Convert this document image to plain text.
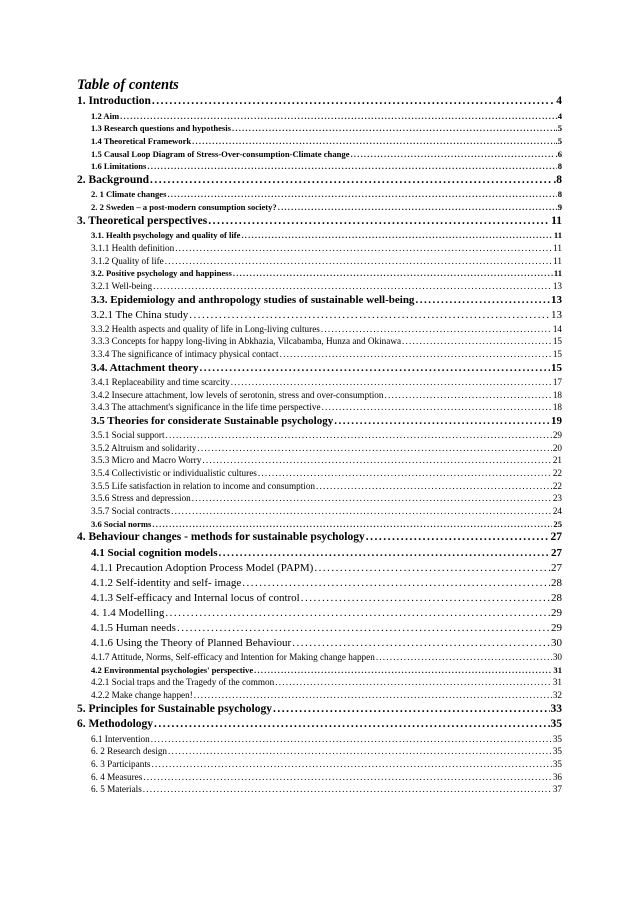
Table of contents
1. Introduction .....	. 4
1.2 Aim .....	.4
1.3 Research questions and hypothesis .....	.5
1.4 Theoretical Framework .....	.5
1.5 Causal Loop Diagram of Stress-Over-consumption-Climate change .....	.6
1.6 Limitations .....	8
2. Background .....	.8
2. 1 Climate changes .....	8
2. 2 Sweden – a post-modern consumption society? .....	.9
3. Theoretical perspectives .....	11
3.1. Health psychology and quality of life .....	11
3.1.1 Health definition .....	11
3.1.2 Quality of life .....	11
3.2. Positive psychology and happiness .....	11
3.2.1 Well-being .....	13
3.3. Epidemiology and anthropology studies of sustainable well-being .....	13
3.2.1 The China study .....	13
3.3.2 Health aspects and quality of life in Long-living cultures .....	14
3.3.3 Concepts for happy long-living in Abkhazia, Vilcabamba, Hunza and Okinawa .....	15
3.3.4 The significance of intimacy physical contact .....	15
3.4. Attachment theory .....	15
3.4.1 Replaceability and time scarcity .....	17
3.4.2 Insecure attachment, low levels of serotonin, stress and over-consumption .....	18
3.4.3 The attachment's significance in the life time perspective .....	18
3.5 Theories for considerate Sustainable psychology .....	19
3.5.1 Social support .....	29
3.5.2 Altruism and solidarity .....	20
3.5.3 Micro and Macro Worry .....	21
3.5.4 Collectivistic or individualistic cultures .....	22
3.5.5 Life satisfaction in relation to income and consumption .....	22
3.5.6 Stress and depression .....	23
3.5.7 Social contracts .....	24
3.6 Social norms .....	25
4. Behaviour changes - methods for sustainable psychology .....	27
4.1 Social cognition models .....	27
4.1.1 Precaution Adoption Process Model (PAPM) .....	27
4.1.2 Self-identity and self- image .....	28
4.1.3 Self-efficacy and Internal locus of control .....	28
4. 1.4 Modelling .....	29
4.1.5 Human needs .....	29
4.1.6 Using the Theory of Planned Behaviour .....	30
4.1.7 Attitude, Norms, Self-efficacy and Intention for Making change happen .....	30
4.2 Environmental psychologies' perspective .....	31
4.2.1 Social traps and the Tragedy of the common .....	31
4.2.2 Make change happen! .....	32
5. Principles for Sustainable psychology .....	33
6. Methodology .....	35
6.1 Intervention .....	35
6. 2 Research design .....	35
6. 3 Participants .....	35
6. 4 Measures .....	36
6. 5 Materials .....	37
